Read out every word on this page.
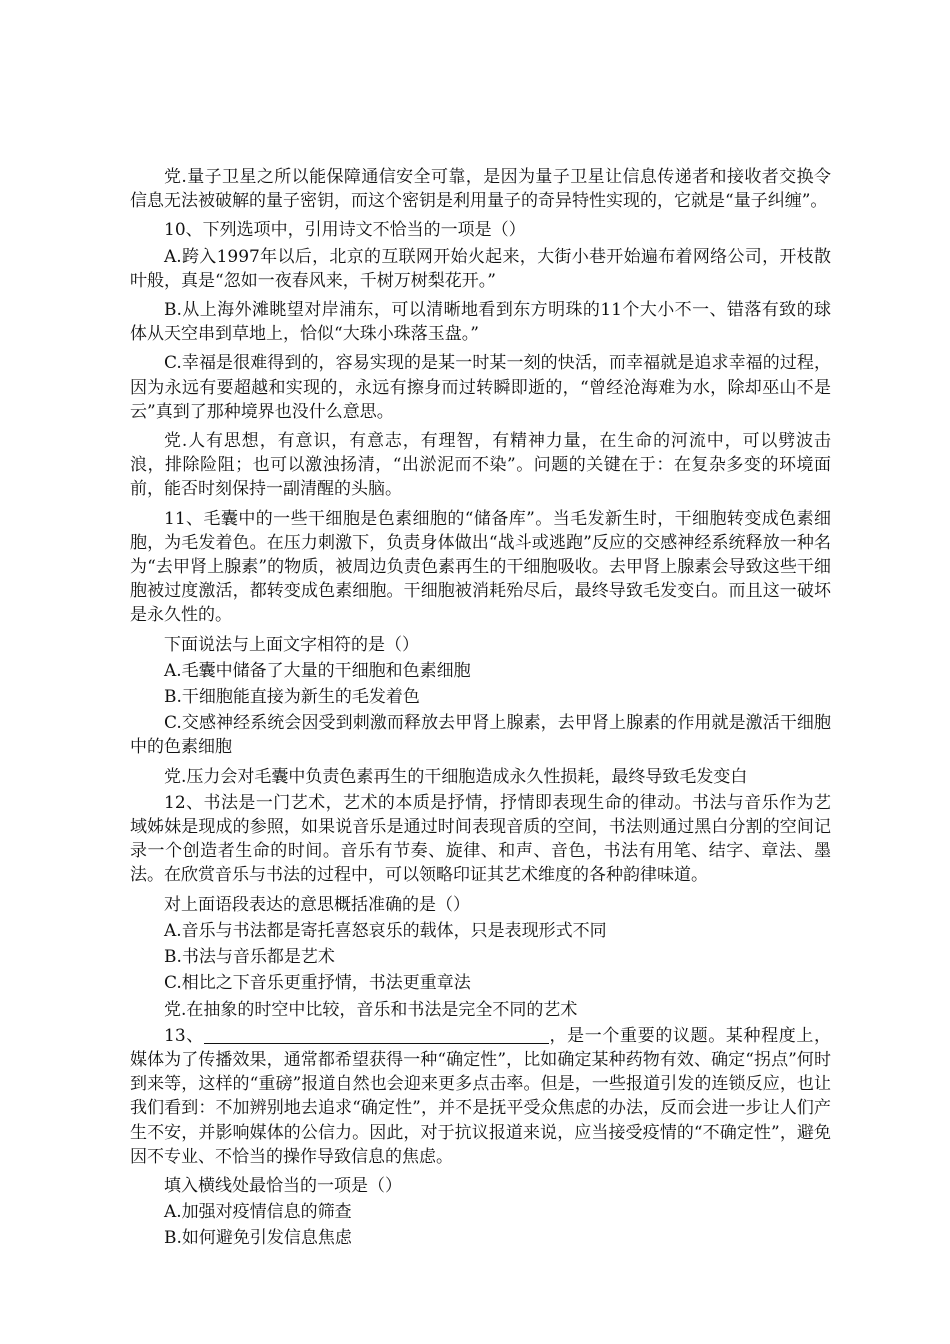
党.量子卫星之所以能保障通信安全可靠，是因为量子卫星让信息传递者和接收者交换令信息无法被破解的量子密钥，而这个密钥是利用量子的奇异特性实现的，它就是“量子纠缠”。

10、下列选项中，引用诗文不恰当的一项是（）

A.跨入1997年以后，北京的互联网开始火起来，大街小巷开始遍布着网络公司，开枝散叶般，真是“忽如一夜春风来，千树万树梨花开。”

B.从上海外滩眺望对岸浦东，可以清晰地看到东方明珠的11个大小不一、错落有致的球体从天空串到草地上，恰似“大珠小珠落玉盘。”

C.幸福是很难得到的，容易实现的是某一时某一刻的快活，而幸福就是追求幸福的过程，因为永远有要超越和实现的，永远有擦身而过转瞬即逝的，“曾经沧海难为水，除却巫山不是云”真到了那种境界也没什么意思。

党.人有思想，有意识，有意志，有理智，有精神力量，在生命的河流中，可以劈波击浪，排除险阻；也可以激浊扬清，“出淤泥而不染”。问题的关键在于：在复杂多变的环境面前，能否时刻保持一副清醒的头脑。

11、毛囊中的一些干细胞是色素细胞的“储备库”。当毛发新生时，干细胞转变成色素细胞，为毛发着色。在压力刺激下，负责身体做出“战斗或逃跑”反应的交感神经系统释放一种名为“去甲肾上腺素”的物质，被周边负责色素再生的干细胞吸收。去甲肾上腺素会导致这些干细胞被过度激活，都转变成色素细胞。干细胞被消耗殆尽后，最终导致毛发变白。而且这一破坏是永久性的。

下面说法与上面文字相符的是（）

A.毛囊中储备了大量的干细胞和色素细胞

B.干细胞能直接为新生的毛发着色

C.交感神经系统会因受到刺激而释放去甲肾上腺素，去甲肾上腺素的作用就是激活干细胞中的色素细胞

党.压力会对毛囊中负责色素再生的干细胞造成永久性损耗，最终导致毛发变白

12、书法是一门艺术，艺术的本质是抒情，抒情即表现生命的律动。书法与音乐作为艺域姊妹是现成的参照，如果说音乐是通过时间表现音质的空间，书法则通过黑白分割的空间记录一个创造者生命的时间。音乐有节奏、旋律、和声、音色，书法有用笔、结字、章法、墨法。在欣赏音乐与书法的过程中，可以领略印证其艺术维度的各种韵律味道。

对上面语段表达的意思概括准确的是（）

A.音乐与书法都是寄托喜怒哀乐的载体，只是表现形式不同

B.书法与音乐都是艺术

C.相比之下音乐更重抒情，书法更重章法

党.在抽象的时空中比较，音乐和书法是完全不同的艺术

13、	，是一个重要的议题。某种程度上，媒体为了传播效果，通常都希望获得一种“确定性”，比如确定某种药物有效、确定“拐点”何时到来等，这样的“重磅”报道自然也会迎来更多点击率。但是，一些报道引发的连锁反应，也让我们看到：不加辨别地去追求“确定性”，并不是抚平受众焦虑的办法，反而会进一步让人们产生不安，并影响媒体的公信力。因此，对于抗议报道来说，应当接受疫情的“不确定性”，避免因不专业、不恰当的操作导致信息的焦虑。

填入横线处最恰当的一项是（）

A.加强对疫情信息的筛查

B.如何避免引发信息焦虑
